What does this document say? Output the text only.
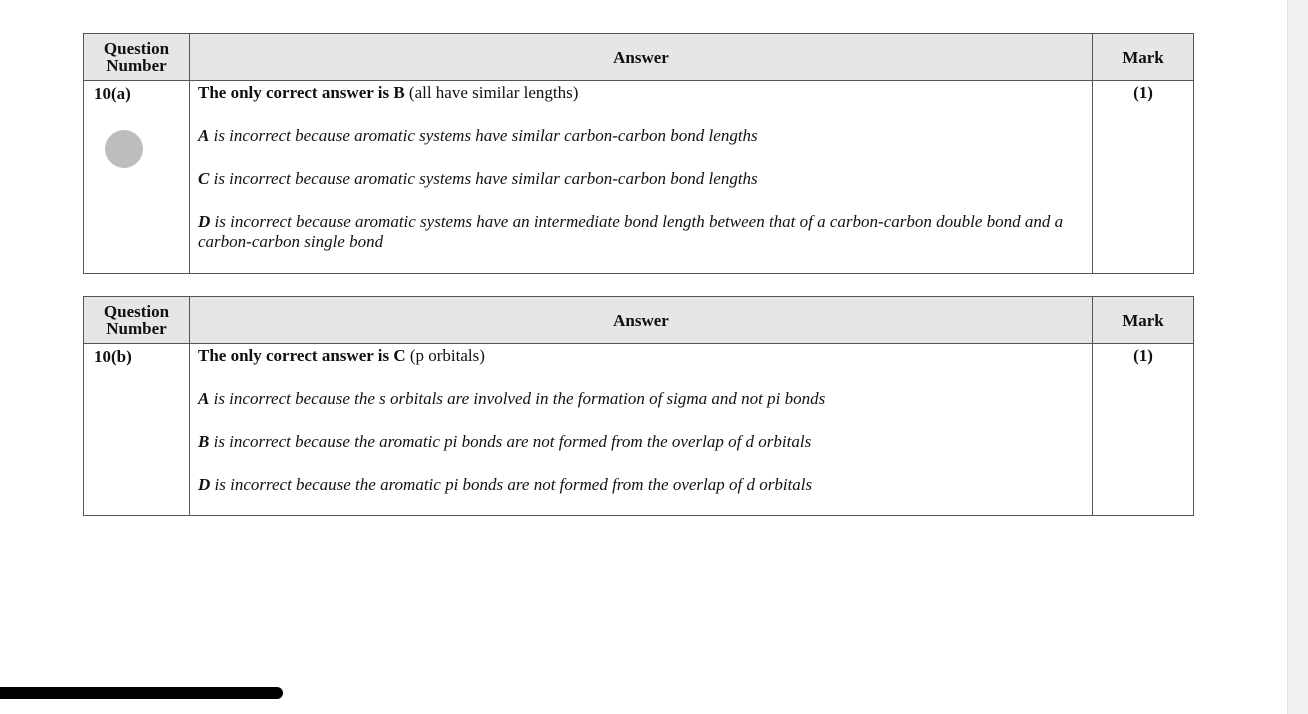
Question
Number	Answer	Mark

10(a)	The only correct answer is B (all have similar lengths)

A is incorrect because aromatic systems have similar carbon-carbon bond lengths

C is incorrect because aromatic systems have similar carbon-carbon bond lengths

D is incorrect because aromatic systems have an intermediate bond length between that of a carbon-carbon double bond and a carbon-carbon single bond	(1)
Question
Number	Answer	Mark

10(b)	The only correct answer is C (p orbitals)

A is incorrect because the s orbitals are involved in the formation of sigma and not pi bonds

B is incorrect because the aromatic pi bonds are not formed from the overlap of d orbitals

D is incorrect because the aromatic pi bonds are not formed from the overlap of d orbitals	(1)
